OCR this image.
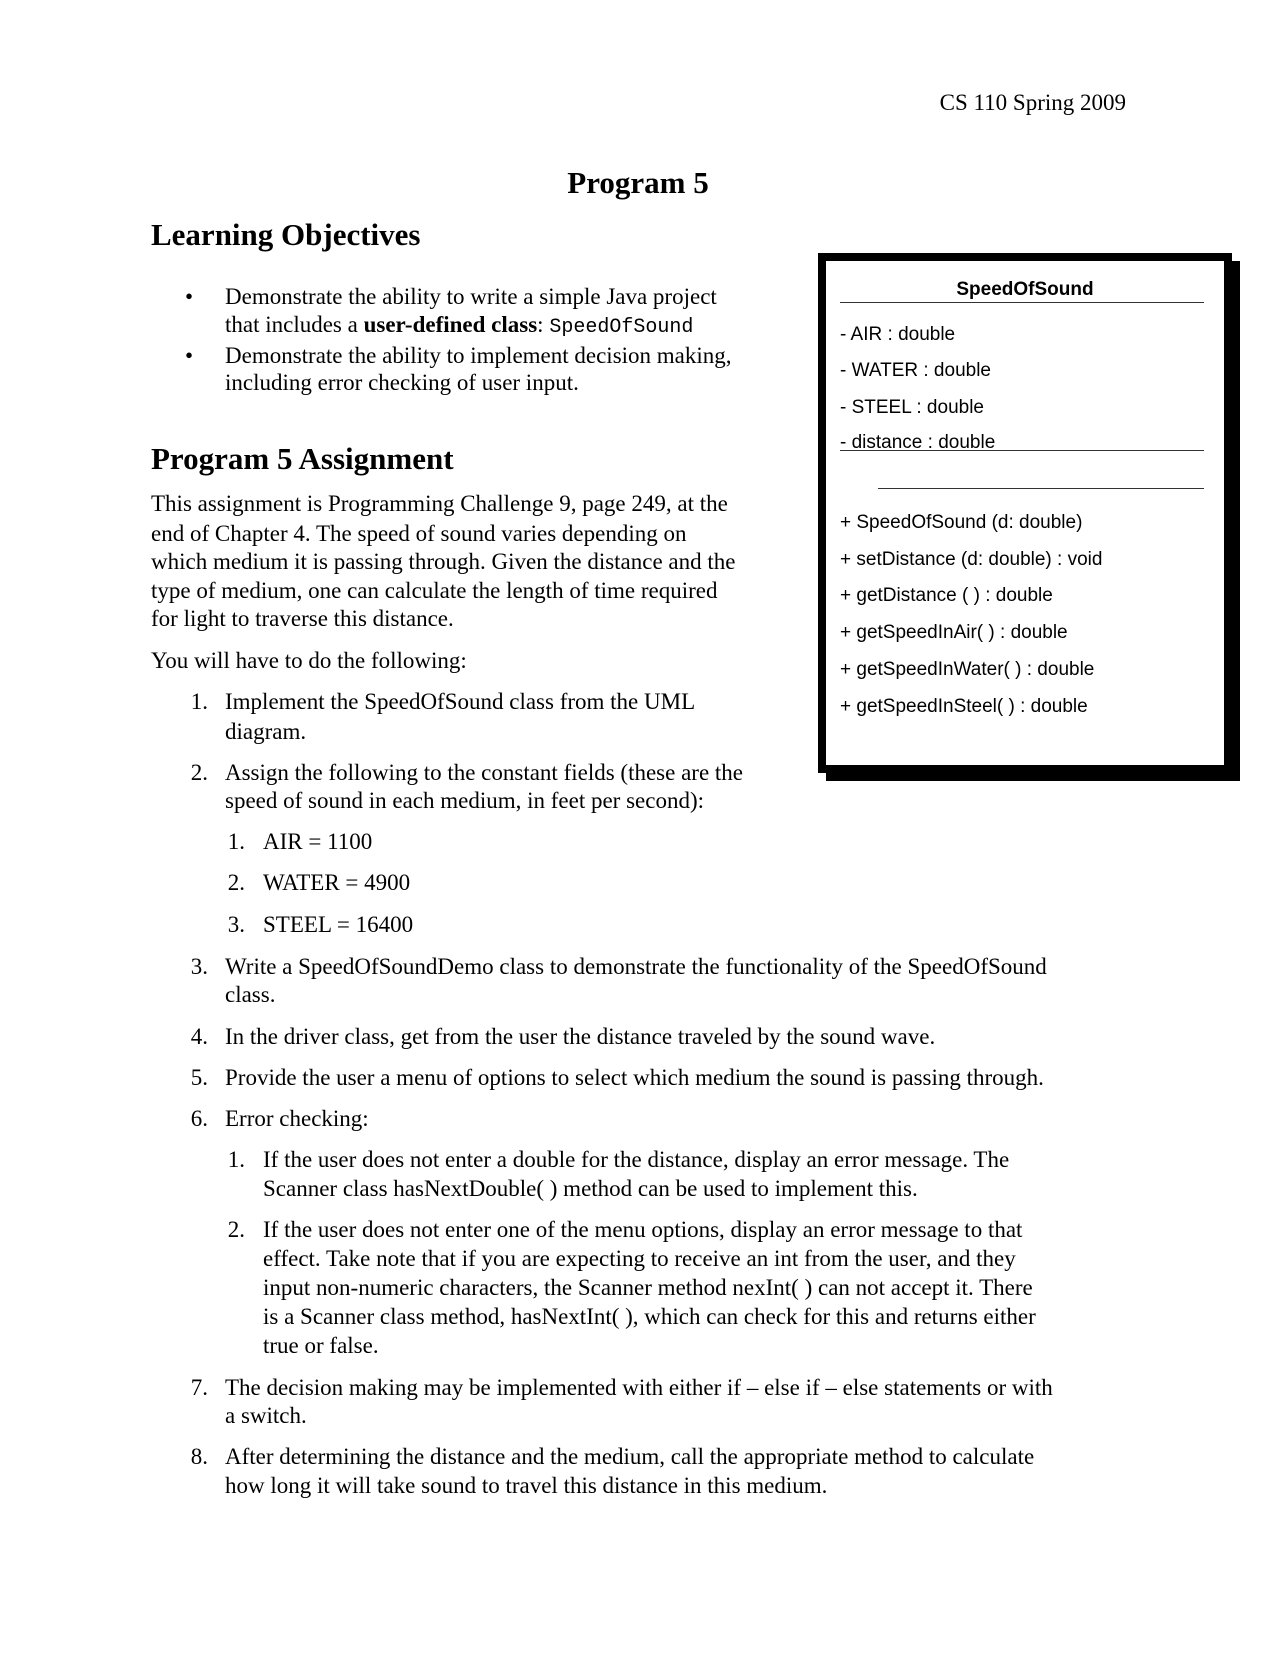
CS 110 Spring 2009
Program 5
Learning Objectives
• Demonstrate the ability to write a simple Java project
that includes a user-defined class: SpeedOfSound
• Demonstrate the ability to implement decision making,
including error checking of user input.
Program 5 Assignment
This assignment is Programming Challenge 9, page 249, at the
end of Chapter 4. The speed of sound varies depending on
which medium it is passing through. Given the distance and the
type of medium, one can calculate the length of time required
for light to traverse this distance.
You will have to do the following:
1. Implement the SpeedOfSound class from the UML
diagram.
2. Assign the following to the constant fields (these are the
speed of sound in each medium, in feet per second):
1. AIR = 1100
2. WATER = 4900
3. STEEL = 16400
3. Write a SpeedOfSoundDemo class to demonstrate the functionality of the SpeedOfSound
class.
4. In the driver class, get from the user the distance traveled by the sound wave.
5. Provide the user a menu of options to select which medium the sound is passing through.
6. Error checking:
1. If the user does not enter a double for the distance, display an error message. The
Scanner class hasNextDouble( ) method can be used to implement this.
2. If the user does not enter one of the menu options, display an error message to that
effect. Take note that if you are expecting to receive an int from the user, and they
input non-numeric characters, the Scanner method nexInt( ) can not accept it. There
is a Scanner class method, hasNextInt( ), which can check for this and returns either
true or false.
7. The decision making may be implemented with either if – else if – else statements or with
a switch.
8. After determining the distance and the medium, call the appropriate method to calculate
how long it will take sound to travel this distance in this medium.
SpeedOfSound
- AIR : double
- WATER : double
- STEEL : double
- distance : double
+ SpeedOfSound (d: double)
+ setDistance (d: double) : void
+ getDistance ( ) : double
+ getSpeedInAir( ) : double
+ getSpeedInWater( ) : double
+ getSpeedInSteel( ) : double
